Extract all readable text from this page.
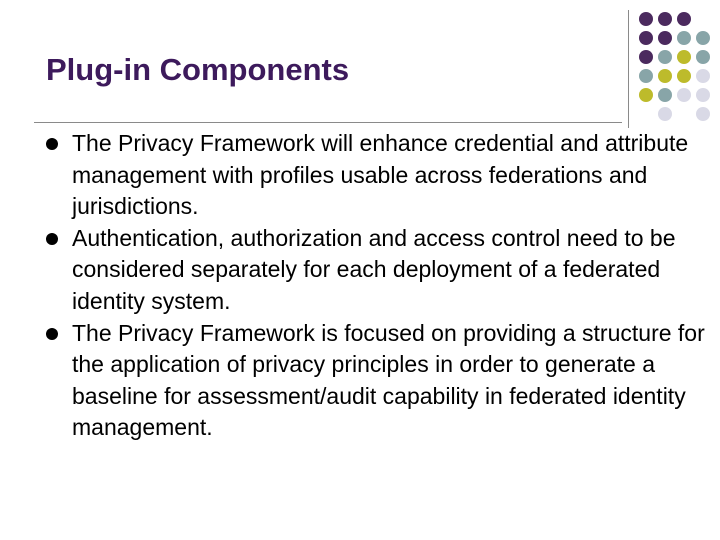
Plug-in Components
The Privacy Framework will enhance credential and attribute management with profiles usable across federations and jurisdictions.
Authentication, authorization and access control need to be considered separately for each deployment of a federated identity system.
The Privacy Framework is focused on providing a structure for the application of privacy principles in order to generate a baseline for assessment/audit capability in federated identity management.
